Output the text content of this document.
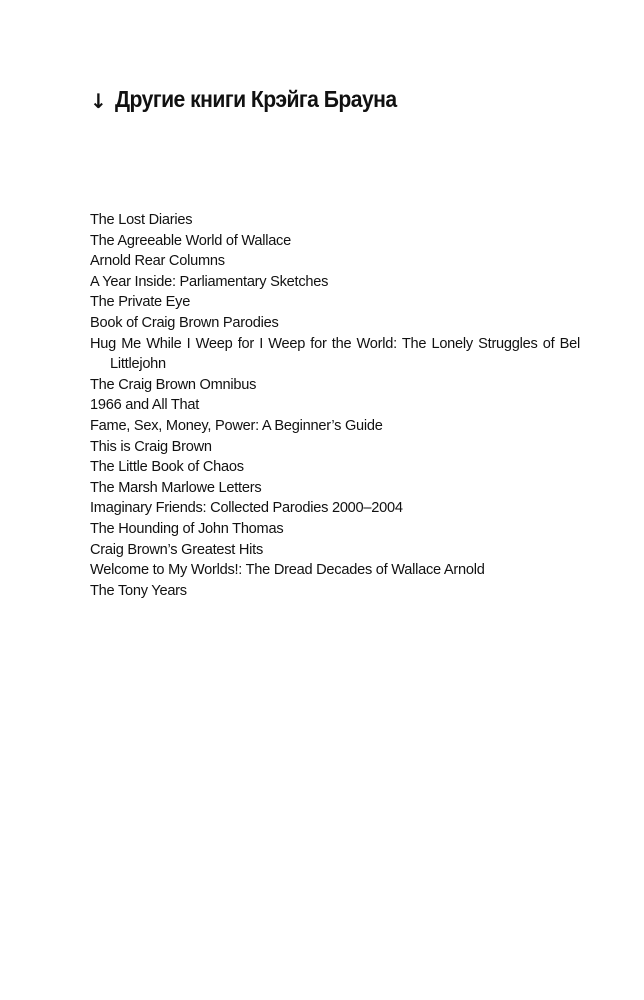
↓ Другие книги Крэйга Брауна
The Lost Diaries
The Agreeable World of Wallace
Arnold Rear Columns
A Year Inside: Parliamentary Sketches
The Private Eye
Book of Craig Brown Parodies
Hug Me While I Weep for I Weep for the World: The Lonely Struggles of Bel Littlejohn
The Craig Brown Omnibus
1966 and All That
Fame, Sex, Money, Power: A Beginner’s Guide
This is Craig Brown
The Little Book of Chaos
The Marsh Marlowe Letters
Imaginary Friends: Collected Parodies 2000–2004
The Hounding of John Thomas
Craig Brown’s Greatest Hits
Welcome to My Worlds!: The Dread Decades of Wallace Arnold
The Tony Years
